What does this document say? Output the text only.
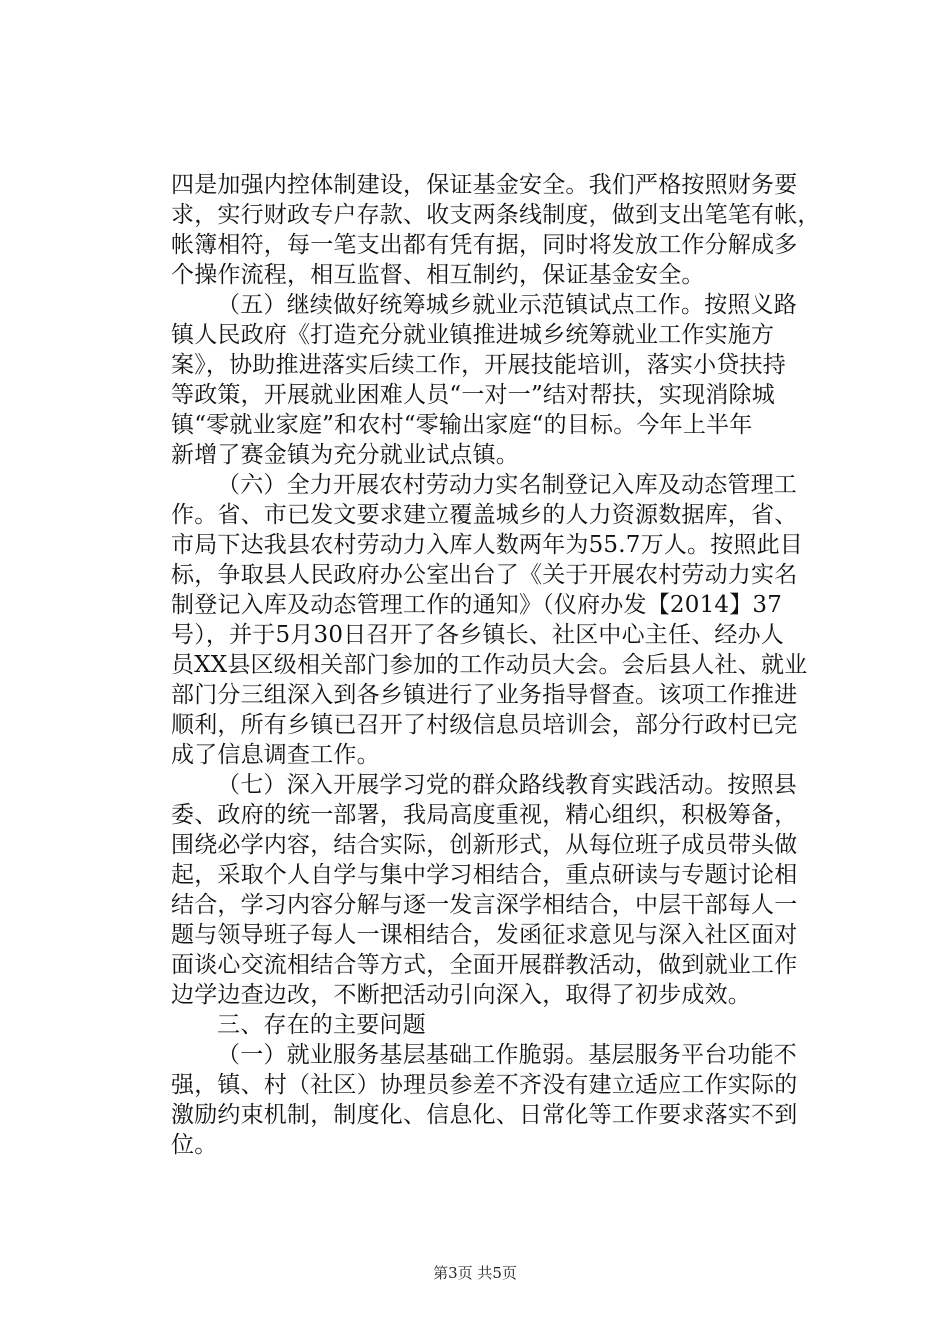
四是加强内控体制建设，保证基金安全。我们严格按照财务要
求，实行财政专户存款、收支两条线制度，做到支出笔笔有帐，
帐簿相符，每一笔支出都有凭有据，同时将发放工作分解成多
个操作流程，相互监督、相互制约，保证基金安全。
（五）继续做好统筹城乡就业示范镇试点工作。按照义路
镇人民政府《打造充分就业镇推进城乡统筹就业工作实施方
案》，协助推进落实后续工作，开展技能培训，落实小贷扶持
等政策，开展就业困难人员“一对一”结对帮扶，实现消除城
镇“零就业家庭”和农村“零输出家庭“的目标。今年上半年
新增了赛金镇为充分就业试点镇。
（六）全力开展农村劳动力实名制登记入库及动态管理工
作。省、市已发文要求建立覆盖城乡的人力资源数据库，省、
市局下达我县农村劳动力入库人数两年为55.7万人。按照此目
标，争取县人民政府办公室出台了《关于开展农村劳动力实名
制登记入库及动态管理工作的通知》（仪府办发【2014】37
号），并于5月30日召开了各乡镇长、社区中心主任、经办人
员XX县区级相关部门参加的工作动员大会。会后县人社、就业
部门分三组深入到各乡镇进行了业务指导督查。该项工作推进
顺利，所有乡镇已召开了村级信息员培训会，部分行政村已完
成了信息调查工作。
（七）深入开展学习党的群众路线教育实践活动。按照县
委、政府的统一部署，我局高度重视，精心组织，积极筹备，
围绕必学内容，结合实际，创新形式，从每位班子成员带头做
起，采取个人自学与集中学习相结合，重点研读与专题讨论相
结合，学习内容分解与逐一发言深学相结合，中层干部每人一
题与领导班子每人一课相结合，发函征求意见与深入社区面对
面谈心交流相结合等方式，全面开展群教活动，做到就业工作
边学边查边改，不断把活动引向深入，取得了初步成效。
三、存在的主要问题
（一）就业服务基层基础工作脆弱。基层服务平台功能不
强，镇、村（社区）协理员参差不齐没有建立适应工作实际的
激励约束机制，制度化、信息化、日常化等工作要求落实不到
位。
第3页 共5页
